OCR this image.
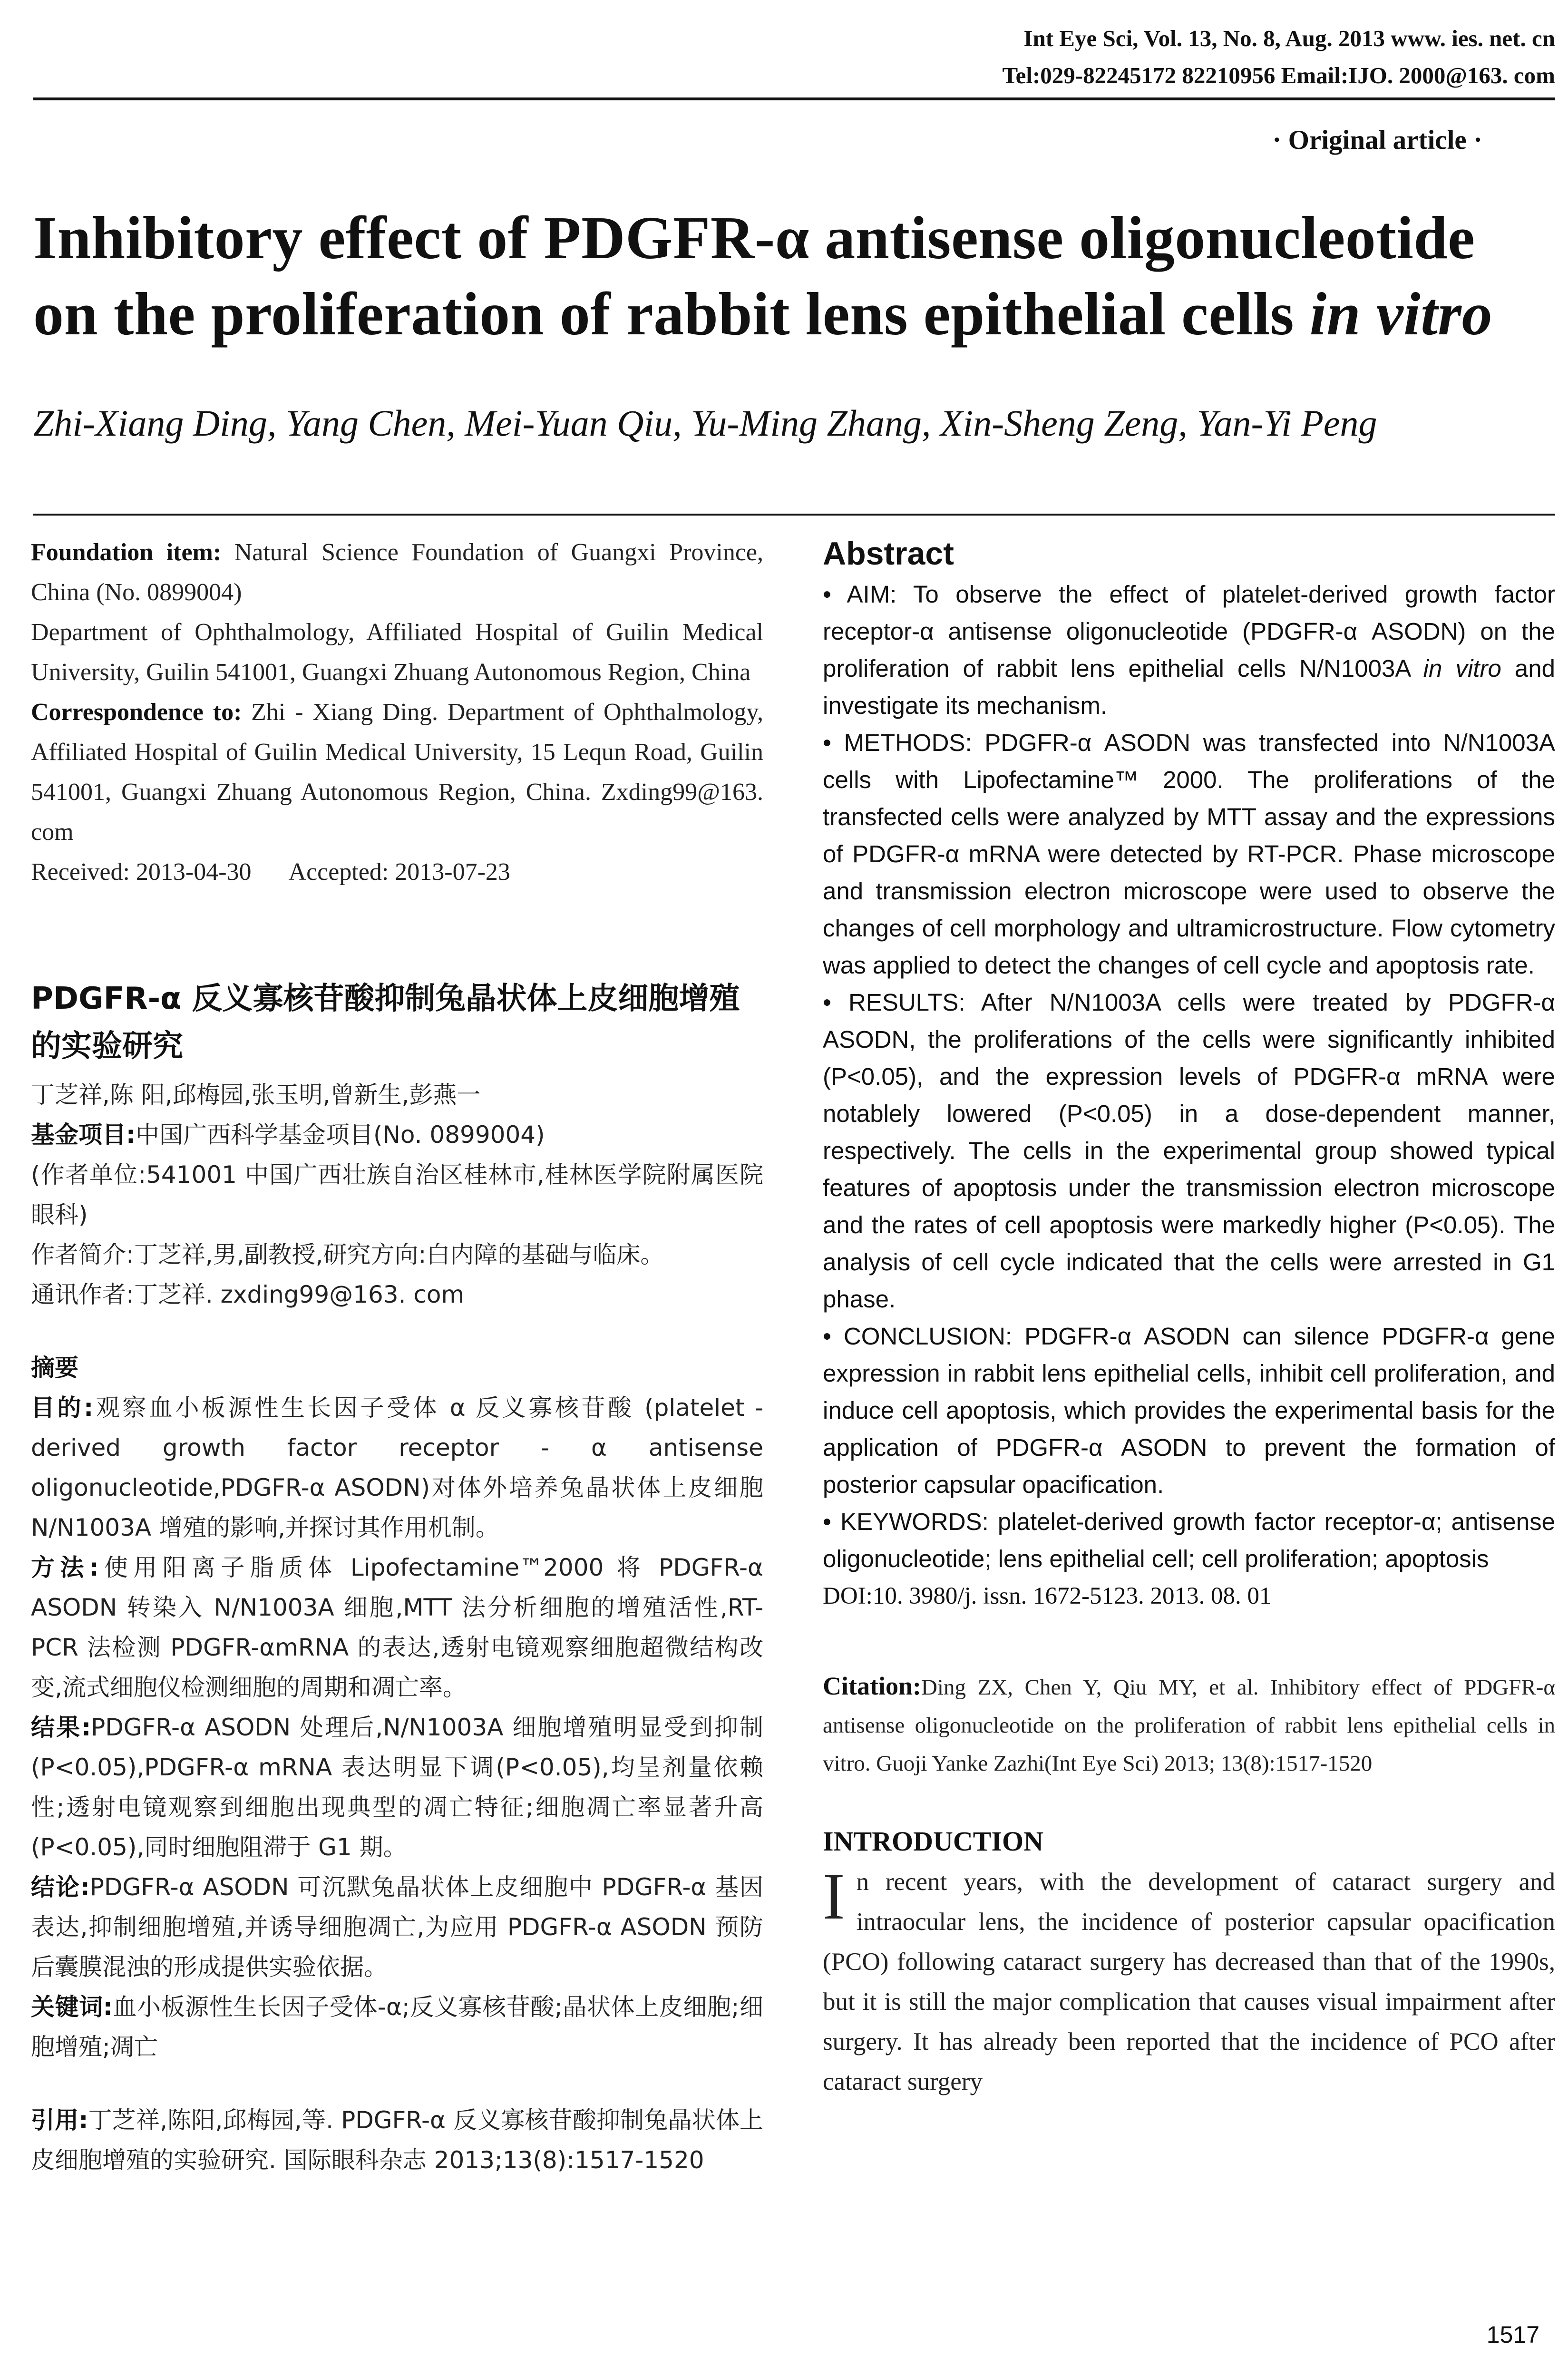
Int Eye Sci, Vol. 13, No. 8, Aug. 2013 www. ies. net. cn
Tel:029-82245172 82210956 Email:IJO. 2000@163. com
· Original article ·
Inhibitory effect of PDGFR-α antisense oligonucleotide on the proliferation of rabbit lens epithelial cells in vitro
Zhi-Xiang Ding, Yang Chen, Mei-Yuan Qiu, Yu-Ming Zhang, Xin-Sheng Zeng, Yan-Yi Peng

Foundation item: Natural Science Foundation of Guangxi Province, China (No. 0899004)

Department of Ophthalmology, Affiliated Hospital of Guilin Medical University, Guilin 541001, Guangxi Zhuang Autonomous Region, China

Correspondence to: Zhi - Xiang Ding. Department of Ophthalmology, Affiliated Hospital of Guilin Medical University, 15 Lequn Road, Guilin 541001, Guangxi Zhuang Autonomous Region, China. Zxding99@163. com

Received: 2013-04-30 Accepted: 2013-07-23

PDGFR-α 反义寡核苷酸抑制兔晶状体上皮细胞增殖的实验研究

丁芝祥,陈 阳,邱梅园,张玉明,曾新生,彭燕一

基金项目:中国广西科学基金项目(No. 0899004)

(作者单位:541001 中国广西壮族自治区桂林市,桂林医学院附属医院眼科)

作者简介:丁芝祥,男,副教授,研究方向:白内障的基础与临床。

通讯作者:丁芝祥. zxding99@163. com

摘要

目的:观察血小板源性生长因子受体 α 反义寡核苷酸 (platelet - derived growth factor receptor - α antisense oligonucleotide,PDGFR-α ASODN)对体外培养兔晶状体上皮细胞 N/N1003A 增殖的影响,并探讨其作用机制。

方法:使用阳离子脂质体 Lipofectamine™2000 将 PDGFR-α ASODN 转染入 N/N1003A 细胞,MTT 法分析细胞的增殖活性,RT-PCR 法检测 PDGFR-αmRNA 的表达,透射电镜观察细胞超微结构改变,流式细胞仪检测细胞的周期和凋亡率。

结果:PDGFR-α ASODN 处理后,N/N1003A 细胞增殖明显受到抑制(P<0.05),PDGFR-α mRNA 表达明显下调(P<0.05),均呈剂量依赖性;透射电镜观察到细胞出现典型的凋亡特征;细胞凋亡率显著升高(P<0.05),同时细胞阻滞于 G1 期。

结论:PDGFR-α ASODN 可沉默兔晶状体上皮细胞中 PDGFR-α 基因表达,抑制细胞增殖,并诱导细胞凋亡,为应用 PDGFR-α ASODN 预防后囊膜混浊的形成提供实验依据。

关键词:血小板源性生长因子受体-α;反义寡核苷酸;晶状体上皮细胞;细胞增殖;凋亡

引用:丁芝祥,陈阳,邱梅园,等. PDGFR-α 反义寡核苷酸抑制兔晶状体上皮细胞增殖的实验研究. 国际眼科杂志 2013;13(8):1517-1520

Abstract

• AIM: To observe the effect of platelet-derived growth factor receptor-α antisense oligonucleotide (PDGFR-α ASODN) on the proliferation of rabbit lens epithelial cells N/N1003A in vitro and investigate its mechanism.

• METHODS: PDGFR-α ASODN was transfected into N/N1003A cells with Lipofectamine™ 2000. The proliferations of the transfected cells were analyzed by MTT assay and the expressions of PDGFR-α mRNA were detected by RT-PCR. Phase microscope and transmission electron microscope were used to observe the changes of cell morphology and ultramicrostructure. Flow cytometry was applied to detect the changes of cell cycle and apoptosis rate.

• RESULTS: After N/N1003A cells were treated by PDGFR-α ASODN, the proliferations of the cells were significantly inhibited (P<0.05), and the expression levels of PDGFR-α mRNA were notablely lowered (P<0.05) in a dose-dependent manner, respectively. The cells in the experimental group showed typical features of apoptosis under the transmission electron microscope and the rates of cell apoptosis were markedly higher (P<0.05). The analysis of cell cycle indicated that the cells were arrested in G1 phase.

• CONCLUSION: PDGFR-α ASODN can silence PDGFR-α gene expression in rabbit lens epithelial cells, inhibit cell proliferation, and induce cell apoptosis, which provides the experimental basis for the application of PDGFR-α ASODN to prevent the formation of posterior capsular opacification.

• KEYWORDS: platelet-derived growth factor receptor-α; antisense oligonucleotide; lens epithelial cell; cell proliferation; apoptosis

DOI:10. 3980/j. issn. 1672-5123. 2013. 08. 01

Citation:Ding ZX, Chen Y, Qiu MY, et al. Inhibitory effect of PDGFR-α antisense oligonucleotide on the proliferation of rabbit lens epithelial cells in vitro. Guoji Yanke Zazhi(Int Eye Sci) 2013; 13(8):1517-1520
INTRODUCTION
In recent years, with the development of cataract surgery and intraocular lens, the incidence of posterior capsular opacification (PCO) following cataract surgery has decreased than that of the 1990s, but it is still the major complication that causes visual impairment after surgery. It has already been reported that the incidence of PCO after cataract surgery
1517
